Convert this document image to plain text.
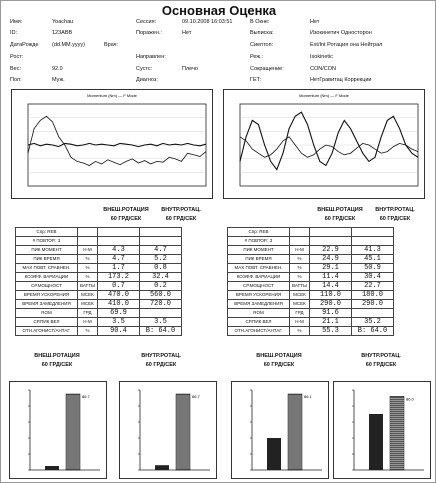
Основная Оценка
Имя:	Yoachau
ID:	123ABB
ДатаРожде (dd.MM.yyyy)
Рост:
Вес:	92.0
Пол:	Муж.
Сессия:	09.10.2008 16:03:51
Поражен.:	Нет
Врач:
Направлен:
Сустс:	Плечо
Диагноз:
В Окне:	Нет
Выписка:	Изокинетич Односторон
Сиептоп:	Ext/Int Ротация она Нейтрал
Реж.:	Isokinetic
Сокращение:	CON/CON
ГЕТ:	НетГравитац Коррекции
Momentum (Nm) — F Mode	Momentum (Nm) — F Mode
ВНЕШ.РОТАЦИЯ
60 ГРД/СЕК
ВНУТР.РОТАЦ.
60 ГРД/СЕК
ВНЕШ.РОТАЦИЯ
60 ГРД/СЕК
ВНУТР.РОТАЦ.
60 ГРД/СЕК
Спр: REB			
# ПОВТОР.: 3			
ПИК МОМЕНТ	Н-М	4.3	4.7
ПИК ВРЕМЯ	%	4.7	5.2
МАХ ПОВТ. СРАВНЕН.	%	1.7	0.8
КОЭФФ. ВАРИАЦИИ	%	173.2	32.4
СР.МОЩНОСТ	ВАТТЫ	0.7	0.2
ВРЕМЯ УСКОРЕНИЯ	МСЕК	470.0	560.0
ВРЕМЯ ЗАМЕДЛЕНИЯ	МСЕК	410.0	720.0
ROM	ГРД	69.9	
СР.ПИК ВЕЛ	Н-М	3.5	3.5
ОТН.АГОНИСТ/АНТАГ.	%	90.4	В: 64.0
Спр: REB			
# ПОВТОР.: 3			
ПИК МОМЕНТ	Н-М	22.9	41.3
ПИК ВРЕМЯ	%	24.9	45.1
МАХ ПОВТ. СРАВНЕН.	%	29.1	50.9
КОЭФФ. ВАРИАЦИИ	%	11.4	30.4
СР.МОЩНОСТ	ВАТТЫ	14.4	22.7
ВРЕМЯ УСКОРЕНИЯ	МСЕК	110.0	180.0
ВРЕМЯ ЗАМЕДЛЕНИЯ	МСЕК	290.0	290.0
ROM	ГРД	91.6	
СР.ПИК ВЕЛ	Н-М	21.1	35.2
ОТН.АГОНИСТ/АНТАГ.	%	55.3	В: 64.0
ВНЕШ.РОТАЦИЯ
60 ГРД/СЕК
ВНУТР.РОТАЦ.
60 ГРД/СЕК
ВНЕШ.РОТАЦИЯ
60 ГРД/СЕК
ВНУТР.РОТАЦ.
60 ГРД/СЕК
86.7	86.7	86.1	86.0
